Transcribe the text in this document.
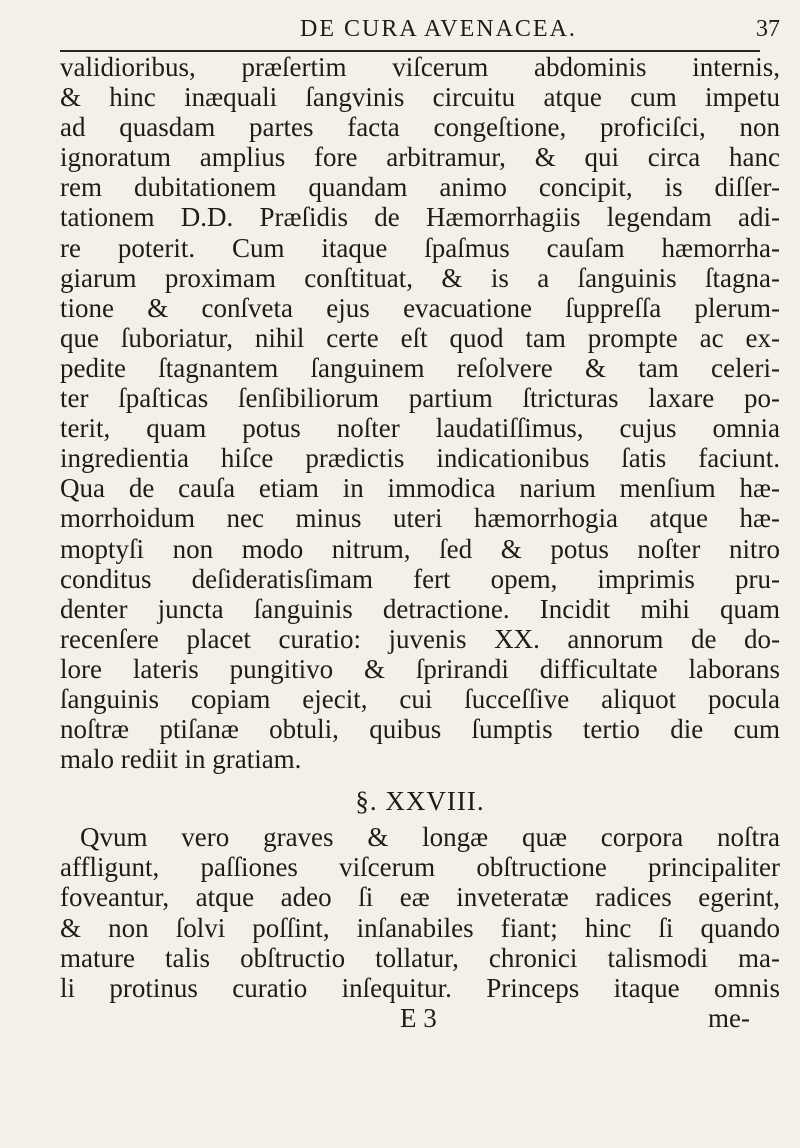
DE CURA AVENACEA.	37
validioribus, præſertim viſcerum abdominis internis,
& hinc inæquali ſangvinis circuitu atque cum impetu
ad quasdam partes facta congeſtione, proficiſci, non
ignoratum amplius fore arbitramur, & qui circa hanc
rem dubitationem quandam animo concipit, is diſſer-
tationem D.D. Præſidis de Hæmorrhagiis legendam adi-
re poterit. Cum itaque ſpaſmus cauſam hæmorrha-
giarum proximam conſtituat, & is a ſanguinis ſtagna-
tione & conſveta ejus evacuatione ſuppreſſa plerum-
que ſuboriatur, nihil certe eſt quod tam prompte ac ex-
pedite ſtagnantem ſanguinem reſolvere & tam celeri-
ter ſpaſticas ſenſibiliorum partium ſtricturas laxare po-
terit, quam potus noſter laudatiſſimus, cujus omnia
ingredientia hiſce prædictis indicationibus ſatis faciunt.
Qua de cauſa etiam in immodica narium menſium hæ-
morrhoidum nec minus uteri hæmorrhogia atque hæ-
moptyſi non modo nitrum, ſed & potus noſter nitro
conditus deſideratisſimam fert opem, imprimis pru-
denter juncta ſanguinis detractione. Incidit mihi quam
recenſere placet curatio: juvenis XX. annorum de do-
lore lateris pungitivo & ſprirandi difficultate laborans
ſanguinis copiam ejecit, cui ſucceſſive aliquot pocula
noſtræ ptiſanæ obtuli, quibus ſumptis tertio die cum
malo rediit in gratiam.
§. XXVIII.
Qvum vero graves & longæ quæ corpora noſtra
affligunt, paſſiones viſcerum obſtructione principaliter
foveantur, atque adeo ſi eæ inveteratæ radices egerint,
& non ſolvi poſſint, inſanabiles fiant; hinc ſi quando
mature talis obſtructio tollatur, chronici talismodi ma-
li protinus curatio inſequitur. Princeps itaque omnis
E 3	me-
